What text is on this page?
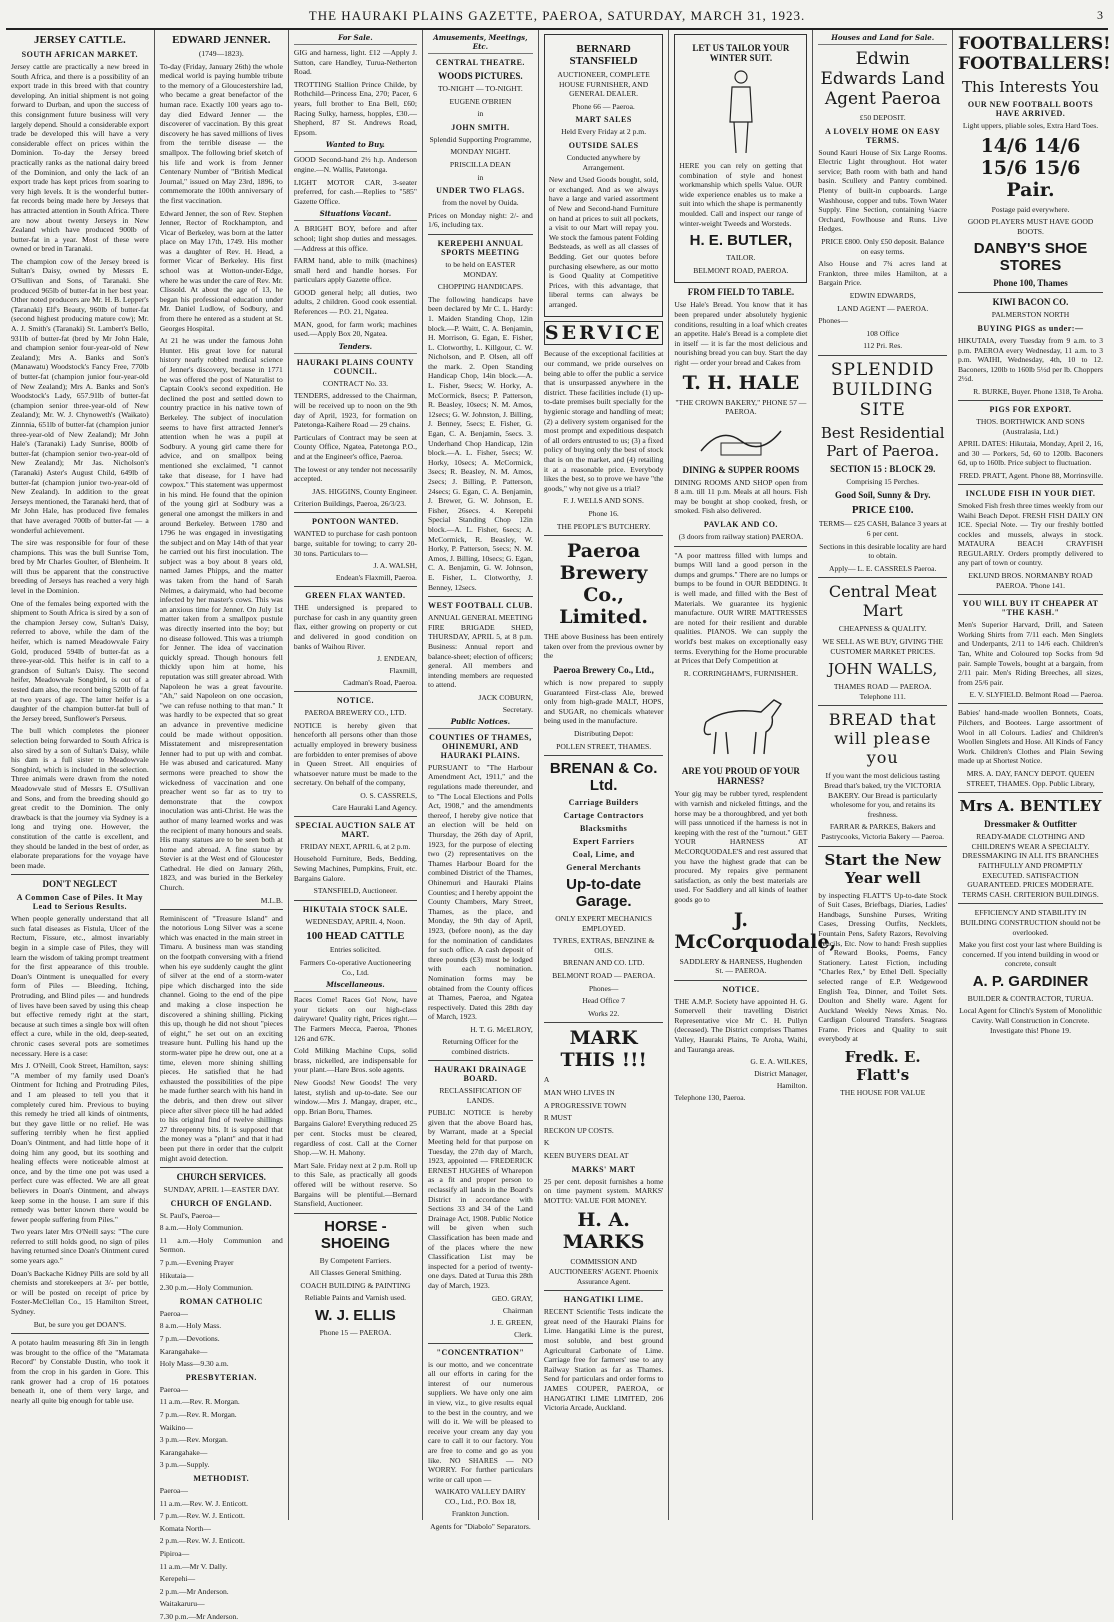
THE HAURAKI PLAINS GAZETTE, PAEROA, SATURDAY, MARCH 31, 1923.	3
JERSEY CATTLE.
SOUTH AFRICAN MARKET.

Jersey cattle are practically a new breed in South Africa, and there is a possibility of an export trade in this breed with that country developing. An initial shipment is not going forward to Durban, and upon the success of this consignment future business will very largely depend. Should a considerable export trade be developed this will have a very considerable effect on prices within the Dominion. To-day the Jersey breed practically ranks as the national dairy breed of the Dominion, and only the lack of an export trade has kept prices from soaring to very high levels. It is the wonderful butter-fat records being made here by Jerseys that has attracted attention in South Africa. There are now about twenty Jerseys in New Zealand which have produced 900lb of butter-fat in a year. Most of these were owned or bred in Taranaki.

The champion cow of the Jersey breed is Sultan's Daisy, owned by Messrs E. O'Sullivan and Sons, of Taranaki. She produced 965lb of butter-fat in her best year. Other noted producers are Mr. H. B. Lepper's (Taranaki) Elf's Beauty, 960lb of butter-fat (second highest producing mature cow); Mr. A. J. Smith's (Taranaki) St. Lambert's Bello, 931lb of butter-fat (bred by Mr John Hale, and champion senior four-year-old of New Zealand); Mrs A. Banks and Son's (Manawatu) Woodstock's Fancy Free, 770lb of butter-fat (champion junior four-year-old of New Zealand); Mrs A. Banks and Son's Woodstock's Lady, 657.91lb of butter-fat (champion senior three-year-old of New Zealand); Mr. W. J. Chynoweth's (Waikato) Zinnnia, 651lb of butter-fat (champion junior three-year-old of New Zealand); Mr John Hale's (Taranaki) Lady Sunrise, 800lb of butter-fat (champion senior two-year-old of New Zealand); Mr Jas. Nicholson's (Taranaki) Aster's August Child, 649lb of butter-fat (champion junior two-year-old of New Zealand). In addition to the great Jerseys mentioned, the Taranaki herd, that of Mr John Hale, has produced five females that have averaged 700lb of butter-fat — a wonderful achievement.

The sire was responsible for four of these champions. This was the bull Sunrise Tom, bred by Mr Charles Goulter, of Blenheim. It will thus be apparent that the constructive breeding of Jerseys has reached a very high level in the Dominion.

One of the females being exported with the shipment to South Africa is sired by a son of the champion Jersey cow, Sultan's Daisy, referred to above, while the dam of the heifer, which is named Meadowvale Fairy Gold, produced 594lb of butter-fat as a three-year-old. This heifer is in calf to a grandson of Sultan's Daisy. The second heifer, Meadowvale Songbird, is out of a tested dam also, the record being 520lb of fat at two years of age. The latter heifer is a daughter of the champion butter-fat bull of the Jersey breed, Sunflower's Perseus.

The bull which completes the pioneer selection being forwarded to South Africa is also sired by a son of Sultan's Daisy, while his dam is a full sister to Meadowvale Songbird, which is included in the selection. Three animals were drawn from the noted Meadowvale stud of Messrs E. O'Sullivan and Sons, and from the breeding should go great credit to the Dominion. The only drawback is that the journey via Sydney is a long and trying one. However, the constitution of the cattle is excellent, and they should be landed in the best of order, as elaborate preparations for the voyage have been made.

DON'T NEGLECT
A Common Case of Piles. It May Lead to Serious Results.

When people generally understand that all such fatal diseases as Fistula, Ulcer of the Rectum, Fissure, etc., almost invariably begin in a simple case of Piles, they will learn the wisdom of taking prompt treatment for the first appearance of this trouble. Doan's Ointment is unequalled for every form of Piles — Bleeding, Itching, Protruding, and Blind piles — and hundreds of lives have been saved by using this cheap but effective remedy right at the start, because at such times a single box will often effect a cure, while in the old, deep-seated, chronic cases several pots are sometimes necessary. Here is a case:

Mrs J. O'Neill, Cook Street, Hamilton, says: "A member of my family used Doan's Ointment for Itching and Protruding Piles, and I am pleased to tell you that it completely cured him. Previous to buying this remedy he tried all kinds of ointments, but they gave little or no relief. He was suffering terribly when he first applied Doan's Ointment, and had little hope of it doing him any good, but its soothing and healing effects were noticeable almost at once, and by the time one pot was used a perfect cure was effected. We are all great believers in Doan's Ointment, and always keep some in the house. I am sure if this remedy was better known there would be fewer people suffering from Piles."

Two years later Mrs O'Neill says: "The cure referred to still holds good, no sign of piles having returned since Doan's Ointment cured some years ago."

Doan's Backache Kidney Pills are sold by all chemists and storekeepers at 3/- per bottle, or will be posted on receipt of price by Foster-McClellan Co., 15 Hamilton Street, Sydney.

But, be sure you get DOAN'S.

A potato haulm measuring 8ft 3in in length was brought to the office of the "Matamata Record" by Constable Dustin, who took it from the crop in his garden in Gore. This rank grower had a crop of 16 potatoes beneath it, one of them very large, and nearly all quite big enough for table use.

EDWARD JENNER.
(1749—1823).

To-day (Friday, January 26th) the whole medical world is paying humble tribute to the memory of a Gloucestershire lad, who became a great benefactor of the human race. Exactly 100 years ago to-day died Edward Jenner — the discoverer of vaccination. By this great discovery he has saved millions of lives from the terrible disease — the smallpox. The following brief sketch of his life and work is from Jenner Centenary Number of "British Medical Journal," issued on May 23rd, 1896, to commemorate the 100th anniversary of the first vaccination.

Edward Jenner, the son of Rev. Stephen Jenner, Rector of Rockhampton, and Vicar of Berkeley, was born at the latter place on May 17th, 1749. His mother was a daughter of Rev. H. Head, a former Vicar of Berkeley. His first school was at Wotton-under-Edge, where he was under the care of Rev. Mr. Clissold. At about the age of 13, he began his professional education under Mr. Daniel Ludlow, of Sodbury, and from there he entered as a student at St. Georges Hospital.

At 21 he was under the famous John Hunter. His great love for natural history nearly robbed medical science of Jenner's discovery, because in 1771 he was offered the post of Naturalist to Captain Cook's second expedition. He declined the post and settled down to country practice in his native town of Berkeley. The subject of inoculation seems to have first attracted Jenner's attention when he was a pupil at Sodbury. A young girl came there for advice, and on smallpox being mentioned she exclaimed, "I cannot take that disease, for I have had cowpox." This statement was uppermost in his mind. He found that the opinion of the young girl at Sodbury was a general one amongst the milkers in and around Berkeley. Between 1780 and 1796 he was engaged in investigating the subject and on May 14th of that year he carried out his first inoculation. The subject was a boy about 8 years old, named James Phipps, and the matter was taken from the hand of Sarah Nelmes, a dairymaid, who had become infected by her master's cows. This was an anxious time for Jenner. On July 1st matter taken from a smallpox pustule was directly inserted into the boy; but no disease followed. This was a triumph for Jenner. The idea of vaccination quickly spread. Though honours fell thickly upon him at home, his reputation was still greater abroad. With Napoleon he was a great favourite. "Ah," said Napoleon on one occasion, "we can refuse nothing to that man." It was hardly to be expected that so great an advance in preventive medicine could be made without opposition. Misstatement and misrepresentation Jenner had to put up with and combat. He was abused and caricatured. Many sermons were preached to show the wickedness of vaccination and one preacher went so far as to try to demonstrate that the cowpox inoculation was anti-Christ. He was the author of many learned works and was the recipient of many honours and seals. His many statues are to be seen both at home and abroad. A fine statue by Stevier is at the West end of Gloucester Cathedral. He died on January 26th, 1823, and was buried in the Berkeley Church.

M.L.B.

Reminiscent of "Treasure Island" and the notorious Long Silver was a scene which was enacted in the main street in Timaru. A business man was standing on the footpath conversing with a friend when his eye suddenly caught the glint of silver at the end of a storm-water pipe which discharged into the side channel. Going to the end of the pipe and making a close inspection he discovered a shining shilling. Picking this up, though he did not shout "pieces of eight," he set out on an exciting treasure hunt. Pulling his hand up the storm-water pipe he drew out, one at a time, eleven more shining shilling pieces. He satisfied that he had exhausted the possibilities of the pipe he made further search with his hand in the debris, and then drew out silver piece after silver piece till he had added to his original find of twelve shillings 27 threepenny bits. It is supposed that the money was a "plant" and that it had been put there in order that the culprit might avoid detection.

CHURCH SERVICES.
SUNDAY, APRIL 1—EASTER DAY.
CHURCH OF ENGLAND.
St. Paul's, Paeroa—
8 a.m.—Holy Communion.
11 a.m.—Holy Communion and Sermon.
7 p.m.—Evening Prayer
Hikutaia—
2.30 p.m.—Holy Communion.
ROMAN CATHOLIC
Paeroa—
8 a.m.—Holy Mass.
7 p.m.—Devotions.
Karangahake—
Holy Mass—9.30 a.m.
PRESBYTERIAN.
Paeroa—
11 a.m.—Rev. R. Morgan.
7 p.m.—Rev. R. Morgan.
Waikino—
3 p.m.—Rev. Morgan.
Karangahake—
3 p.m.—Supply.
METHODIST.
Paeroa—
11 a.m.—Rev. W. J. Enticott.
7 p.m.—Rev. W. J. Enticott.
Komata North—
2 p.m.—Rev. W. J. Enticott.
Pipiroa—
11 a.m.—Mr V. Dally.
Kerepehi—
2 p.m.—Mr Anderson.
Waitakaruru—
7.30 p.m.—Mr Anderson.
For Sale.

GIG and harness, light. £12 —Apply J. Sutton, care Handley, Turua-Netherton Road.

TROTTING Stallion Prince Childe, by Rothchild—Princess Ena, 270; Pacer, 6 years, full brother to Ena Bell, £60; Racing Sulky, harness, hopples, £30.—Shepherd, 87 St. Andrews Road, Epsom.

Wanted to Buy.

GOOD Second-hand 2½ h.p. Anderson engine.—N. Wallis, Patetonga.

LIGHT MOTOR CAR, 3-seater preferred, for cash.—Replies to "585" Gazette Office.

Situations Vacant.

A BRIGHT BOY, before and after school; light shop duties and messages.—Address at this office.

FARM hand, able to milk (machines) small herd and handle horses. For particulars apply Gazette office.

GOOD general help; all duties, two adults, 2 children. Good cook essential. References — P.O. 21, Ngatea.

MAN, good, for farm work; machines used.—Apply Box 20, Ngatea.

Tenders.
HAURAKI PLAINS COUNTY COUNCIL.
CONTRACT No. 33.

TENDERS, addressed to the Chairman, will be received up to noon on the 9th day of April, 1923, for formation on Patetonga-Kaihere Road — 29 chains.

Particulars of Contract may be seen at County Office, Ngatea, Patetonga P.O., and at the Engineer's office, Paeroa.

The lowest or any tender not necessarily accepted.

JAS. HIGGINS, County Engineer.
Criterion Buildings, Paeroa, 26/3/23.
PONTOON WANTED.

WANTED to purchase for cash pontoon barge, suitable for towing; to carry 20-30 tons. Particulars to—

J. A. WALSH,
Endean's Flaxmill, Paeroa.
GREEN FLAX WANTED.

THE undersigned is prepared to purchase for cash in any quantity green flax, either growing on property or cut and delivered in good condition on banks of Waihou River.

J. ENDEAN,
Flaxmill,
Cadman's Road, Paeroa.
NOTICE.
PAEROA BREWERY CO., LTD.

NOTICE is hereby given that henceforth all persons other than those actually employed in brewery business are forbidden to enter premises of above in Queen Street. All enquiries of whatsoever nature must be made to the secretary. On behalf of the company,

O. S. CASSRELS,
Care Hauraki Land Agency.
SPECIAL AUCTION SALE AT MART.
FRIDAY NEXT, APRIL 6, at 2 p.m.

Household Furniture, Beds, Bedding, Sewing Machines, Pumpkins, Fruit, etc. Bargains Galore.

STANSFIELD, Auctioneer.
HIKUTAIA STOCK SALE.
WEDNESDAY, APRIL 4, Noon.
100 HEAD CATTLE
Entries solicited.
Farmers Co-operative Auctioneering Co., Ltd.
Miscellaneous.

Races Come! Races Go! Now, have your tickets on our high-class dairyware! Quality right, Prices right.—The Farmers Mecca, Paeroa, 'Phones 126 and 67K.

Cold Milking Machine Cups, solid brass, nickelled, are indispensable for your plant.—Hare Bros. sole agents.

New Goods! New Goods! The very latest, stylish and up-to-date. See our window.—Mrs J. Mangay, draper, etc., opp. Brian Boru, Thames.

Bargains Galore! Everything reduced 25 per cent. Stocks must be cleared, regardless of cost. Call at the Corner Shop.—W. H. Mahony.

Mart Sale. Friday next at 2 p.m. Roll up to this Sale, as practically all goods offered will be without reserve. So Bargains will be plentiful.—Bernard Stansfield, Auctioneer.

HORSE - SHOEING
By Competent Farriers.
All Classes General Smithing.
COACH BUILDING & PAINTING
Reliable Paints and Varnish used.
W. J. ELLIS
Phone 15 — PAEROA.
Amusements, Meetings, Etc.
CENTRAL THEATRE.
WOODS PICTURES.
TO-NIGHT — TO-NIGHT.
EUGENE O'BRIEN
in
JOHN SMITH.
Splendid Supporting Programme,
MONDAY NIGHT.
PRISCILLA DEAN
in
UNDER TWO FLAGS.
from the novel by Ouida.

Prices on Monday night: 2/- and 1/6, including tax.

KEREPEHI ANNUAL SPORTS MEETING
to be held on EASTER MONDAY.
CHOPPING HANDICAPS.

The following handicaps have been declared by Mr C. L. Hardy: 1. Maiden Standing Chop, 12in block.—P. Waitt, C. A. Benjamin, H. Morrison, G. Egan, E. Fisher, L. Clotworthy, L. Killgour, C. W. Nicholson, and P. Olsen, all off the mark. 2. Open Standing Handicap Chop, 14in block.—A. L. Fisher, 9secs; W. Horky, A. McCormick, 8secs; P. Patterson, R. Beasley, 10secs; N. M. Amos, 12secs; G. W. Johnston, J. Billing, J. Benney, 5secs; E. Fisher, G. Egan, C. A. Benjamin, 5secs. 3. Underhand Chop Handicap, 12in block.—A. L. Fisher, 5secs; W. Horky, 10secs; A. McCormick, 3secs; R. Beasley, N. M. Amos, 2secs; J. Billing, P. Patterson, 24secs; G. Egan, C. A. Benjamin, J. Brewer, G. W. Johnson, E. Fisher, 26secs. 4. Kerepehi Special Standing Chop 12in block.—A. L. Fisher, 6secs; A. McCormick, R. Beasley, W. Horky, P. Patterson, 5secs; N. M. Amos, J. Billing, 10secs; G. Egan, C. A. Benjamin, G. W. Johnson, E. Fisher, L. Clotworthy, J. Benney, 12secs.

WEST FOOTBALL CLUB.

ANNUAL GENERAL MEETING FIRE BRIGADE SHED, THURSDAY, APRIL 5, at 8 p.m. Business: Annual report and balance-sheet; election of officers; general. All members and intending members are requested to attend.

JACK COBURN,
Secretary.
Public Notices.
COUNTIES OF THAMES, OHINEMURI, AND HAURAKI PLAINS.

PURSUANT to "The Harbour Amendment Act, 1911," and the regulations made thereunder, and to "The Local Elections and Polls Act, 1908," and the amendments thereof, I hereby give notice that an election will be held on Thursday, the 26th day of April, 1923, for the purpose of electing two (2) representatives on the Thames Harbour Board for the combined District of the Thames, Ohinemuri and Hauraki Plains Counties; and I hereby appoint the County Chambers, Mary Street, Thames, as the place, and Monday, the 9th day of April, 1923, (before noon), as the day for the nomination of candidates for such office. A cash deposit of three pounds (£3) must be lodged with each nomination. Nomination forms may be obtained from the County offices at Thames, Paeroa, and Ngatea respectively. Dated this 28th day of March, 1923.

H. T. G. McELROY,
Returning Officer for the combined districts.
HAURAKI DRAINAGE BOARD.
RECLASSIFICATION OF LANDS.

PUBLIC NOTICE is hereby given that the above Board has, by Warrant, made at a Special Meeting held for that purpose on Tuesday, the 27th day of March, 1923, appointed — FREDERICK ERNEST HUGHES of Wharepon as a fit and proper person to reclassify all lands in the Board's District in accordance with Sections 33 and 34 of the Land Drainage Act, 1908. Public Notice will be given when such Classification has been made and of the places where the new Classification List may be inspected for a period of twenty-one days. Dated at Turua this 28th day of March, 1923.

GEO. GRAY,
Chairman
J. E. GREEN,
Clerk.
"CONCENTRATION"

is our motto, and we concentrate all our efforts in caring for the interest of our numerous suppliers. We have only one aim in view, viz., to give results equal to the best in the country, and we will do it. We will be pleased to receive your cream any day you care to call it to our factory. You are free to come and go as you like. NO SHARES — NO WORRY. For further particulars write or call upon —

WAIKATO VALLEY DAIRY CO., Ltd., P.O. Box 18,
Frankton Junction.
Agents for "Diabolo" Separators.
BERNARD STANSFIELD
AUCTIONEER, COMPLETE HOUSE FURNISHER, AND GENERAL DEALER.
Phone 66 — Paeroa.
MART SALES
Held Every Friday at 2 p.m.
OUTSIDE SALES
Conducted anywhere by Arrangement.

New and Used Goods bought, sold, or exchanged. And as we always have a large and varied assortment of New and Second-hand Furniture on hand at prices to suit all pockets, a visit to our Mart will repay you. We stock the famous patent Folding Bedsteads, as well as all classes of Bedding. Get our quotes before purchasing elsewhere, as our motto is Good Quality at Competitive Prices, with this advantage, that liberal terms can always be arranged.

SERVICE

Because of the exceptional facilities at our command, we pride ourselves on being able to offer the public a service that is unsurpassed anywhere in the district. These facilities include (1) up-to-date premises built specially for the hygienic storage and handling of meat; (2) a delivery system organised for the most prompt and expeditious despatch of all orders entrusted to us; (3) a fixed policy of buying only the best of stock that is on the market, and (4) retailing it at a reasonable price. Everybody likes the best, so to prove we have "the goods," why not give us a trial?

F. J. WELLS AND SONS.
Phone 16.
THE PEOPLE'S BUTCHERY.
Paeroa Brewery Co., Limited.

THE above Business has been entirely taken over from the previous owner by the

Paeroa Brewery Co., Ltd.,

which is now prepared to supply Guaranteed First-class Ale, brewed only from high-grade MALT, HOPS, and SUGAR, no chemicals whatever being used in the manufacture.

Distributing Depot:
POLLEN STREET, THAMES.
BRENAN & Co. Ltd.
Carriage Builders
Cartage Contractors
Blacksmiths
Expert Farriers
Coal, Lime, and
General Merchants
Up-to-date Garage.
ONLY EXPERT MECHANICS EMPLOYED.
TYRES, EXTRAS, BENZINE & OILS.
BRENAN AND CO. LTD.
BELMONT ROAD — PAEROA.
Phones—
Head Office 7
Works 22.
MARK THIS !!!
A
MAN WHO LIVES IN
A PROGRESSIVE TOWN
R MUST
RECKON UP COSTS.
K
KEEN BUYERS DEAL AT
MARKS' MART

25 per cent. deposit furnishes a home on time payment system. MARKS' MOTTO: VALUE FOR MONEY.

H. A. MARKS
COMMISSION AND AUCTIONEERS' AGENT. Phoenix Assurance Agent.
HANGATIKI LIME.

RECENT Scientific Tests indicate the great need of the Hauraki Plains for Lime. Hangatiki Lime is the purest, most soluble, and best ground Agricultural Carbonate of Lime. Carriage free for farmers' use to any Railway Station as far as Thames. Send for particulars and order forms to JAMES COUPER, PAEROA, or HANGATIKI LIME LIMITED, 206 Victoria Arcade, Auckland.

LET US TAILOR YOUR WINTER SUIT.

HERE you can rely on getting that combination of style and honest workmanship which spells Value. OUR wide experience enables us to make a suit into which the shape is permanently moulded. Call and inspect our range of winter-weight Tweeds and Worsteds.

H. E. BUTLER,
TAILOR.
BELMONT ROAD, PAEROA.
FROM FIELD TO TABLE.

Use Hale's Bread. You know that it has been prepared under absolutely hygienic conditions, resulting in a loaf which creates an appetite. Hale's Bread is a complete diet in itself — it is far the most delicious and nourishing bread you can buy. Start the day right — order your bread and Cakes from

T. H. HALE
"THE CROWN BAKERY," PHONE 57 — PAEROA.
DINING & SUPPER ROOMS

DINING ROOMS AND SHOP open from 8 a.m. till 11 p.m. Meals at all hours. Fish may be bought at shop cooked, fresh, or smoked. Fish also delivered.

PAVLAK AND CO.
(3 doors from railway station) PAEROA.

"A poor mattress filled with lumps and bumps Will land a good person in the dumps and grumps." There are no lumps or bumps to be found in OUR BEDDING. It is well made, and filled with the Best of Materials. We guarantee its hygienic manufacture. OUR WIRE MATTRESSES are noted for their resilient and durable qualities. PIANOS. We can supply the world's best makes on exceptionally easy terms. Everything for the Home procurable at Prices that Defy Competition at

R. CORRINGHAM'S, FURNISHER.
ARE YOU PROUD OF YOUR HARNESS?

Your gig may be rubber tyred, resplendent with varnish and nickeled fittings, and the horse may be a thoroughbred, and yet both will pass unnoticed if the harness is not in keeping with the rest of the "turnout." GET YOUR HARNESS AT McCORQUODALE'S and rest assured that you have the highest grade that can be procured. My repairs give permanent satisfaction, as only the best materials are used. For Saddlery and all kinds of leather goods go to

J. McCorquodale,
SADDLERY & HARNESS, Hughenden St. — PAEROA.
NOTICE.

THE A.M.P. Society have appointed H. G. Somervell their travelling District Representative vice Mr C. H. Pullyn (deceased). The District comprises Thames Valley, Hauraki Plains, Te Aroha, Waihi, and Tauranga areas.

G. E. A. WILKES,
District Manager,
Hamilton.
Telephone 130, Paeroa.
Houses and Land for Sale.
Edwin Edwards Land Agent Paeroa
£50 DEPOSIT.
A LOVELY HOME ON EASY TERMS.

Sound Kauri House of Six Large Rooms. Electric Light throughout. Hot water service; Bath room with bath and hand basin. Scullery and Pantry combined. Plenty of built-in cupboards. Large Washhouse, copper and tubs. Town Water Supply. Fine Section, containing ¼acre Orchard, Fowlhouse and Runs. Live Hedges.

PRICE £800. Only £50 deposit. Balance on easy terms.

Also House and 7¾ acres land at Frankton, three miles Hamilton, at a Bargain Price.

EDWIN EDWARDS,
LAND AGENT — PAEROA.
Phones—
108 Office
112 Pri. Res.
SPLENDID BUILDING SITE
Best Residential Part of Paeroa.
SECTION 15 : BLOCK 29.
Comprising 15 Perches.
Good Soil, Sunny & Dry.
PRICE £100.
TERMS— £25 CASH, Balance 3 years at 6 per cent.

Sections in this desirable locality are hard to obtain.

Apply— L. E. CASSRELS Paeroa.
Central Meat Mart
CHEAPNESS & QUALITY.
WE SELL AS WE BUY, GIVING THE CUSTOMER MARKET PRICES.
JOHN WALLS,
THAMES ROAD — PAEROA. Telephone 111.
BREAD that will please you

If you want the most delicious tasting Bread that's baked, try the VICTORIA BAKERY. Our Bread is particularly wholesome for you, and retains its freshness.

FARRAR & PARKES, Bakers and Pastrycooks, Victoria Bakery — Paeroa.
Start the New Year well

by inspecting FLATT'S Up-to-date Stock of Suit Cases, Briefbags, Diaries, Ladies' Handbags, Sunshine Purses, Writing Cases, Dressing Outfits, Necklets, Fountain Pens, Safety Razors, Revolving Pencils, Etc. Now to hand: Fresh supplies of Reward Books, Poems, Fancy Stationery. Latest Fiction, including "Charles Rex," by Ethel Dell. Specially selected range of E.P. Wedgewood English Tea, Dinner, and Toilet Sets. Doulton and Shelly ware. Agent for Auckland Weekly News Xmas. No. Cardigan Coloured Transfers. Seagrass Frame. Prices and Quality to suit everybody at

Fredk. E. Flatt's
THE HOUSE FOR VALUE
FOOTBALLERS! FOOTBALLERS!
This Interests You
OUR NEW FOOTBALL BOOTS HAVE ARRIVED.
Light uppers, pliable soles, Extra Hard Toes.
14/6 14/6 15/6 15/6 Pair.
Postage paid everywhere.
GOOD PLAYERS MUST HAVE GOOD BOOTS.
DANBY'S SHOE STORES
Phone 100, Thames
KIWI BACON CO.
PALMERSTON NORTH
BUYING PIGS as under:—

HIKUTAIA, every Tuesday from 9 a.m. to 3 p.m. PAEROA every Wednesday, 11 a.m. to 3 p.m. WAIHI, Wednesday, 4th, 10 to 12. Baconers, 120lb to 160lb 5½d per lb. Choppers 2½d.

R. BURKE, Buyer. Phone 1318, Te Aroha.
PIGS FOR EXPORT.
THOS. BORTHWICK AND SONS (Australasia, Ltd.)

APRIL DATES: Hikutaia, Monday, April 2, 16, and 30 — Porkers, 5d, 60 to 120lb. Baconers 6d, up to 160lb. Price subject to fluctuation.

FRED. PRATT, Agent. Phone 88, Morrinsville.
INCLUDE FISH IN YOUR DIET.

Smoked Fish fresh three times weekly from our Waihi Beach Depot. FRESH FISH DAILY ON ICE. Special Note. — Try our freshly bottled cockles and mussels, always in stock. MATAURA BEACH CRAYFISH REGULARLY. Orders promptly delivered to any part of town or country.

EKLUND BROS. NORMANBY ROAD PAEROA. 'Phone 141.
YOU WILL BUY IT CHEAPER AT "THE KASH."

Men's Superior Harvard, Drill, and Sateen Working Shirts from 7/11 each. Men Singlets and Underpants, 2/11 to 14/6 each. Children's Tan, White and Coloured top Socks from 9d pair. Sample Towels, bought at a bargain, from 2/11 pair. Men's Riding Breeches, all sizes, from 25/6 pair.

E. V. SLYFIELD. Belmont Road — Paeroa.

Babies' hand-made woollen Bonnets, Coats, Pilchers, and Bootees. Large assortment of Wool in all Colours. Ladies' and Children's Woollen Singlets and Hose. All Kinds of Fancy Work. Children's Clothes and Plain Sewing made up at Shortest Notice.

MRS. A. DAY, FANCY DEPOT. QUEEN STREET, THAMES. Opp. Public Library,
Mrs A. BENTLEY
Dressmaker & Outfitter

READY-MADE CLOTHING AND CHILDREN'S WEAR A SPECIALTY. DRESSMAKING IN ALL ITS BRANCHES FAITHFULLY AND PROMPTLY EXECUTED. SATISFACTION GUARANTEED. PRICES MODERATE. TERMS CASH. CRITERION BUILDINGS.

EFFICIENCY AND STABILITY IN BUILDING CONSTRUCTION should not be overlooked.

Make you first cost your last where Building is concerned. If you intend building in wood or concrete, consult

A. P. GARDINER
BUILDER & CONTRACTOR, TURUA.

Local Agent for Clinch's System of Monolithic Cavity. Wall Construction in Concrete. Investigate this! Phone 19.
